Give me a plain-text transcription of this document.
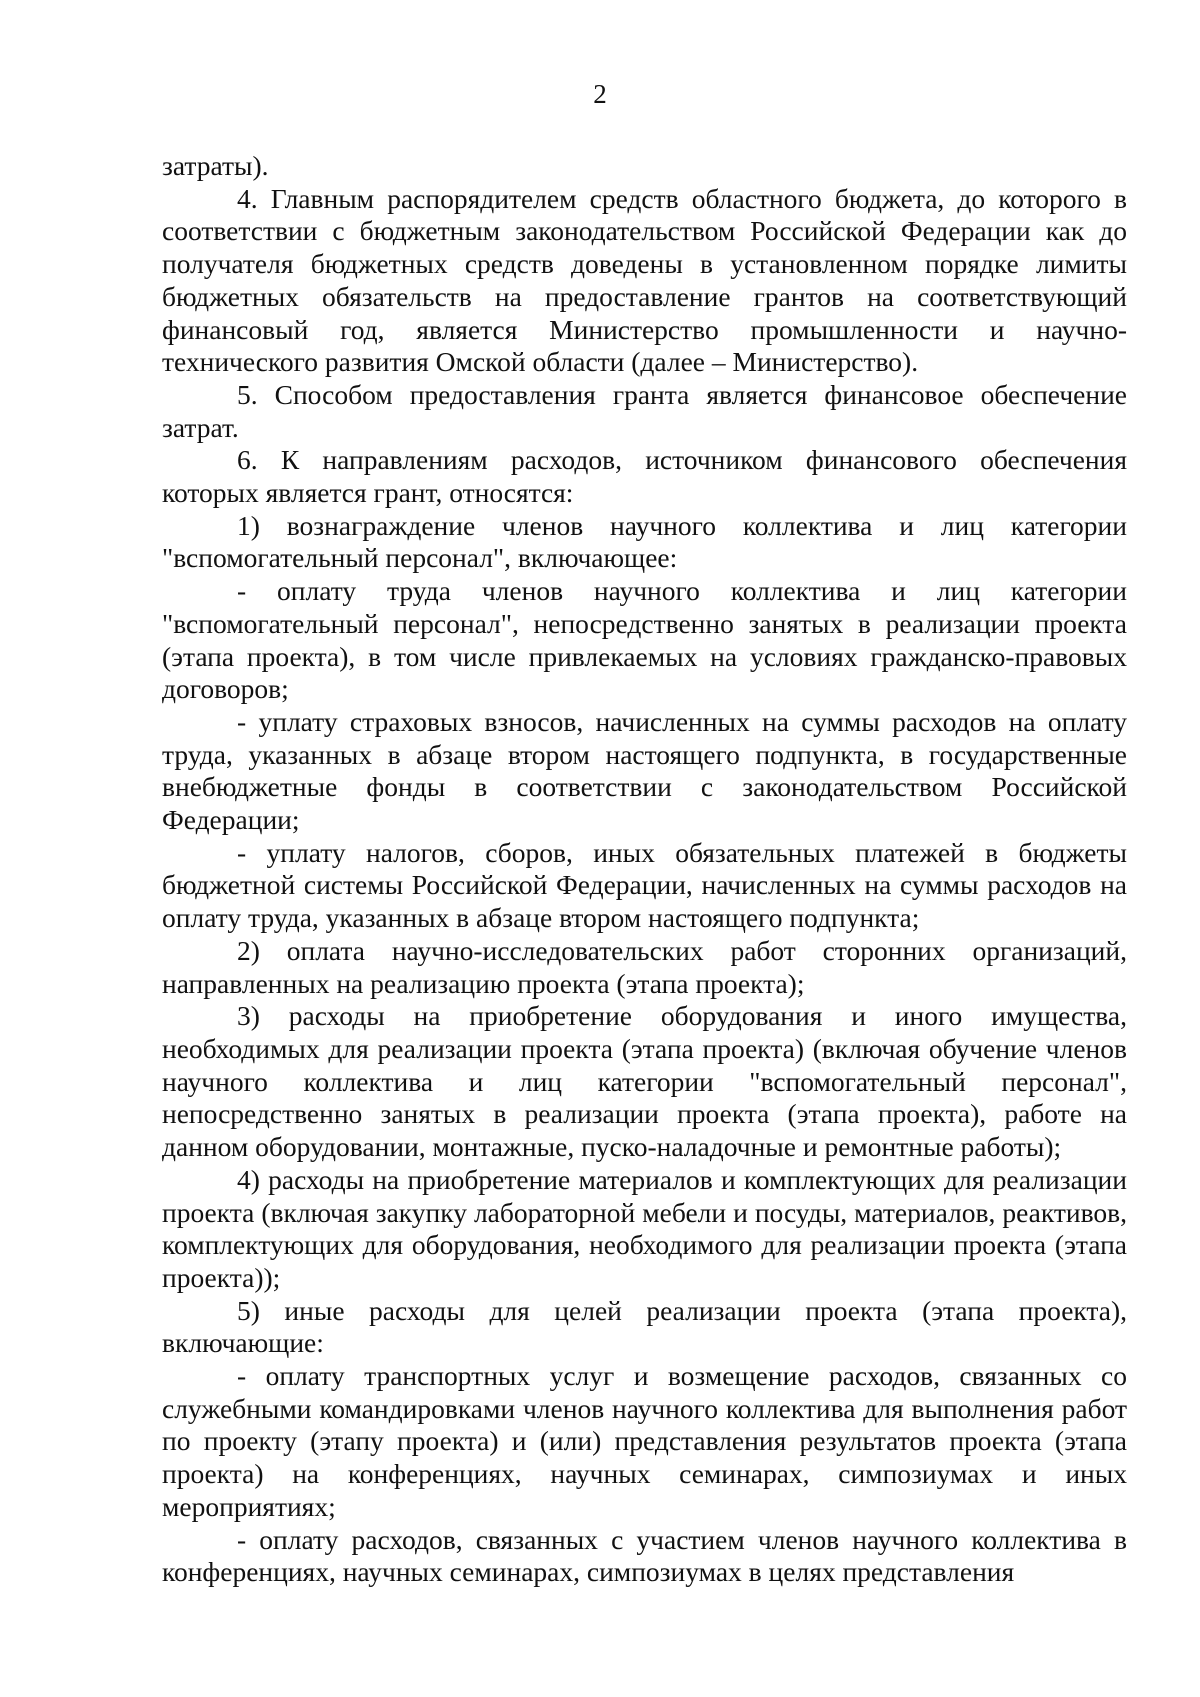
2

затраты).

4. Главным распорядителем средств областного бюджета, до которого в соответствии с бюджетным законодательством Российской Федерации как до получателя бюджетных средств доведены в установленном порядке лимиты бюджетных обязательств на предоставление грантов на соответствующий финансовый год, является Министерство промышленности и научно-технического развития Омской области (далее – Министерство).

5. Способом предоставления гранта является финансовое обеспечение затрат.

6. К направлениям расходов, источником финансового обеспечения которых является грант, относятся:

1) вознаграждение членов научного коллектива и лиц категории "вспомогательный персонал", включающее:

- оплату труда членов научного коллектива и лиц категории "вспомогательный персонал", непосредственно занятых в реализации проекта (этапа проекта), в том числе привлекаемых на условиях гражданско-правовых договоров;

- уплату страховых взносов, начисленных на суммы расходов на оплату труда, указанных в абзаце втором настоящего подпункта, в государственные внебюджетные фонды в соответствии с законодательством Российской Федерации;

- уплату налогов, сборов, иных обязательных платежей в бюджеты бюджетной системы Российской Федерации, начисленных на суммы расходов на оплату труда, указанных в абзаце втором настоящего подпункта;

2) оплата научно-исследовательских работ сторонних организаций, направленных на реализацию проекта (этапа проекта);

3) расходы на приобретение оборудования и иного имущества, необходимых для реализации проекта (этапа проекта) (включая обучение членов научного коллектива и лиц категории "вспомогательный персонал", непосредственно занятых в реализации проекта (этапа проекта), работе на данном оборудовании, монтажные, пуско-наладочные и ремонтные работы);

4) расходы на приобретение материалов и комплектующих для реализации проекта (включая закупку лабораторной мебели и посуды, материалов, реактивов, комплектующих для оборудования, необходимого для реализации проекта (этапа проекта));

5) иные расходы для целей реализации проекта (этапа проекта), включающие:

- оплату транспортных услуг и возмещение расходов, связанных со служебными командировками членов научного коллектива для выполнения работ по проекту (этапу проекта) и (или) представления результатов проекта (этапа проекта) на конференциях, научных семинарах, симпозиумах и иных мероприятиях;

- оплату расходов, связанных с участием членов научного коллектива в конференциях, научных семинарах, симпозиумах в целях представления
